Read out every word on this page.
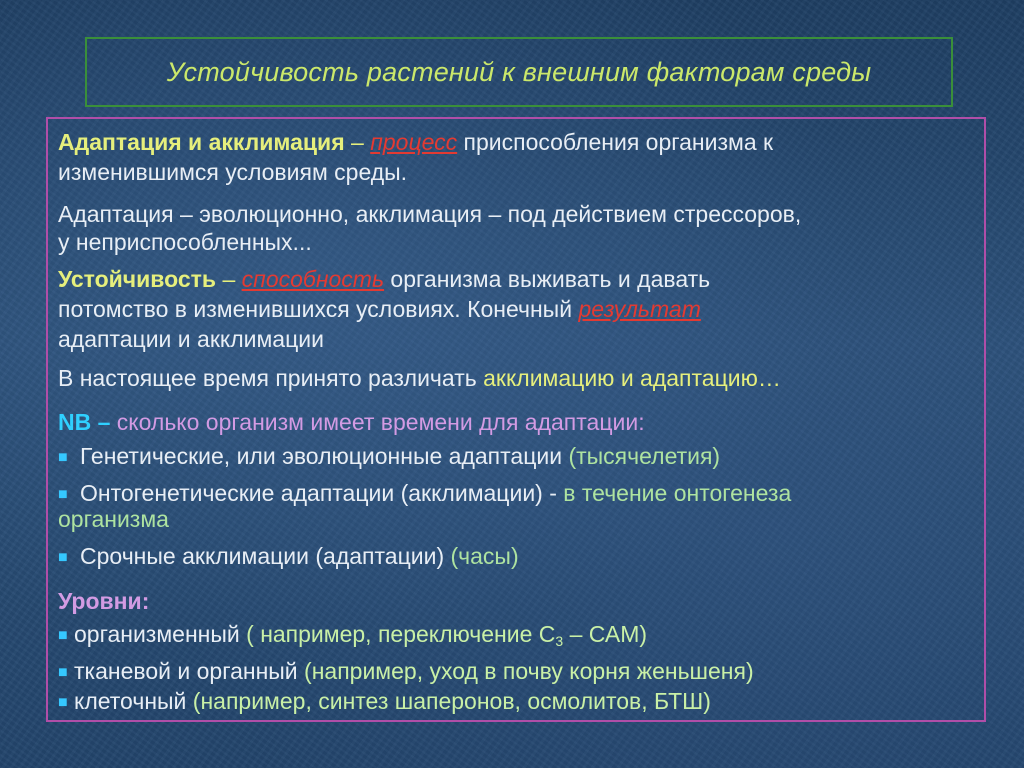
Устойчивость растений к внешним факторам среды
Адаптация и акклимация – процесс приспособления организма к
изменившимся условиям среды.
Адаптация – эволюционно, акклимация – под действием стрессоров,
у неприспособленных...
Устойчивость – способность организма выживать и давать
потомство в изменившихся условиях. Конечный результат
адаптации и акклимации
В настоящее время принято различать акклимацию и адаптацию…
NB – сколько организм имеет времени для адаптации:
■ Генетические, или эволюционные адаптации (тысячелетия)
■ Онтогенетические адаптации (акклимации) - в течение онтогенеза
организма
■ Срочные акклимации (адаптации) (часы)
Уровни:
■ организменный ( например, переключение $С_3 - САМ$)
■ тканевой и органный (например, уход в почву корня женьшеня)
■ клеточный (например, синтез шаперонов, осмолитов, БТШ)
